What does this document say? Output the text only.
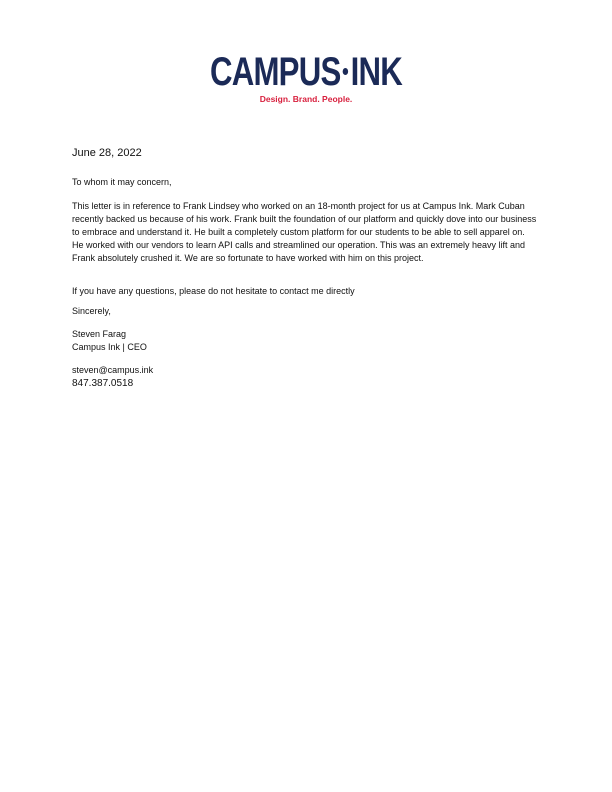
CAMPUS INK
Design. Brand. People.

June 28, 2022

To whom it may concern,

This letter is in reference to Frank Lindsey who worked on an 18-month project for us at Campus Ink. Mark Cuban recently backed us because of his work. Frank built the foundation of our platform and quickly dove into our business to embrace and understand it. He built a completely custom platform for our students to be able to sell apparel on. He worked with our vendors to learn API calls and streamlined our operation. This was an extremely heavy lift and Frank absolutely crushed it. We are so fortunate to have worked with him on this project.

If you have any questions, please do not hesitate to contact me directly

Sincerely,

Steven Farag

Campus Ink | CEO

steven@campus.ink

847.387.0518
